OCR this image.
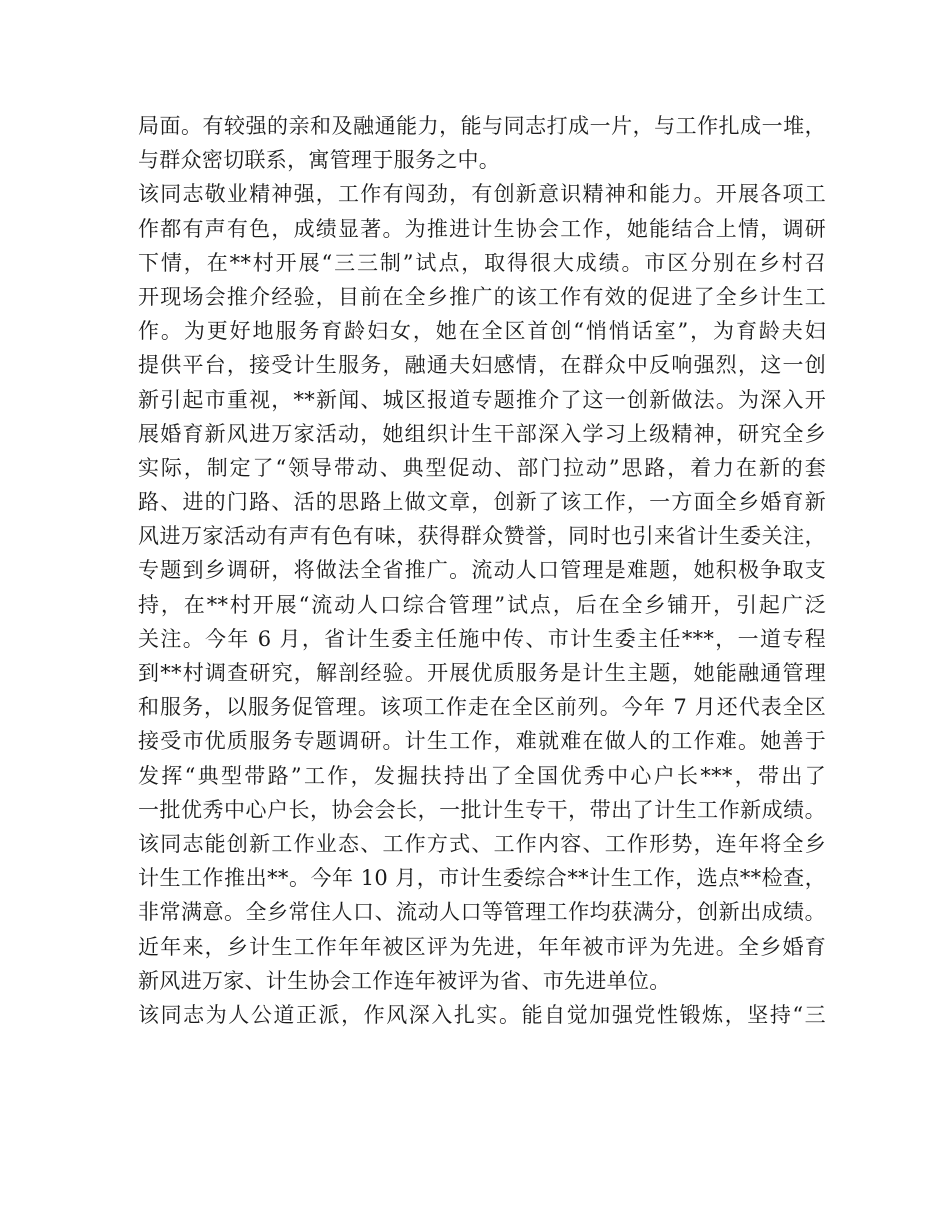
局面。有较强的亲和及融通能力，能与同志打成一片，与工作扎成一堆，
与群众密切联系，寓管理于服务之中。
该同志敬业精神强，工作有闯劲，有创新意识精神和能力。开展各项工
作都有声有色，成绩显著。为推进计生协会工作，她能结合上情，调研
下情，在**村开展“三三制”试点，取得很大成绩。市区分别在乡村召
开现场会推介经验，目前在全乡推广的该工作有效的促进了全乡计生工
作。为更好地服务育龄妇女，她在全区首创“悄悄话室”，为育龄夫妇
提供平台，接受计生服务，融通夫妇感情，在群众中反响强烈，这一创
新引起市重视，**新闻、城区报道专题推介了这一创新做法。为深入开
展婚育新风进万家活动，她组织计生干部深入学习上级精神，研究全乡
实际，制定了“领导带动、典型促动、部门拉动”思路，着力在新的套
路、进的门路、活的思路上做文章，创新了该工作，一方面全乡婚育新
风进万家活动有声有色有味，获得群众赞誉，同时也引来省计生委关注，
专题到乡调研，将做法全省推广。流动人口管理是难题，她积极争取支
持，在**村开展“流动人口综合管理”试点，后在全乡铺开，引起广泛
关注。今年 6 月，省计生委主任施中传、市计生委主任***，一道专程
到**村调查研究，解剖经验。开展优质服务是计生主题，她能融通管理
和服务，以服务促管理。该项工作走在全区前列。今年 7 月还代表全区
接受市优质服务专题调研。计生工作，难就难在做人的工作难。她善于
发挥“典型带路”工作，发掘扶持出了全国优秀中心户长***，带出了
一批优秀中心户长，协会会长，一批计生专干，带出了计生工作新成绩。
该同志能创新工作业态、工作方式、工作内容、工作形势，连年将全乡
计生工作推出**。今年 10 月，市计生委综合**计生工作，选点**检查，
非常满意。全乡常住人口、流动人口等管理工作均获满分，创新出成绩。
近年来，乡计生工作年年被区评为先进，年年被市评为先进。全乡婚育
新风进万家、计生协会工作连年被评为省、市先进单位。
该同志为人公道正派，作风深入扎实。能自觉加强党性锻炼，坚持“三
